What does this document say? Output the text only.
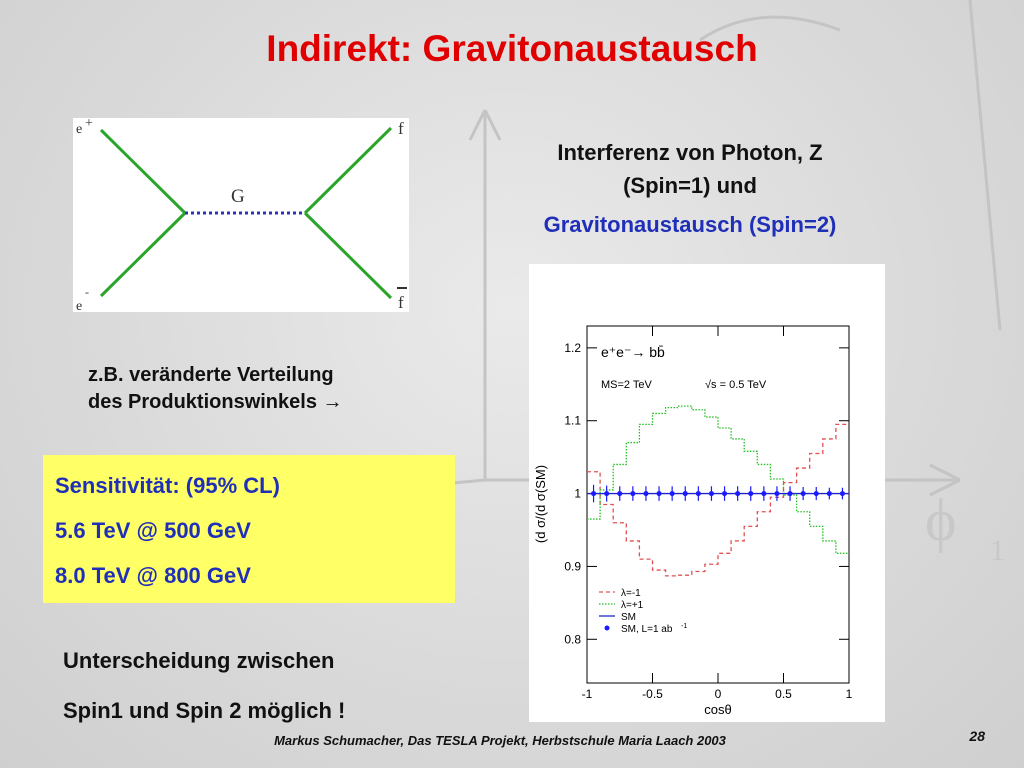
ϕ 1
Indirekt: Gravitonaustausch
e +
e
-
f
f
G
Interferenz von Photon, Z
(Spin=1) und
Gravitonaustausch (Spin=2)
z.B. veränderte Verteilung
des Produktionswinkels →
Sensitivität: (95% CL)
5.6 TeV @ 500 GeV
8.0 TeV @ 800 GeV
Unterscheidung zwischen
Spin1 und Spin 2 möglich !
0.8
0.9
1
1.1
1.2
-1	-0.5	0	0.5	1
e⁺e⁻→ bb̄
MS=2 TeV	√s = 0.5 TeV
(d σ/(d σ(SM)
cosθ
λ=-1
λ=+1
SM
SM, L=1 ab -1
Markus Schumacher, Das TESLA Projekt, Herbstschule Maria Laach 2003	28
